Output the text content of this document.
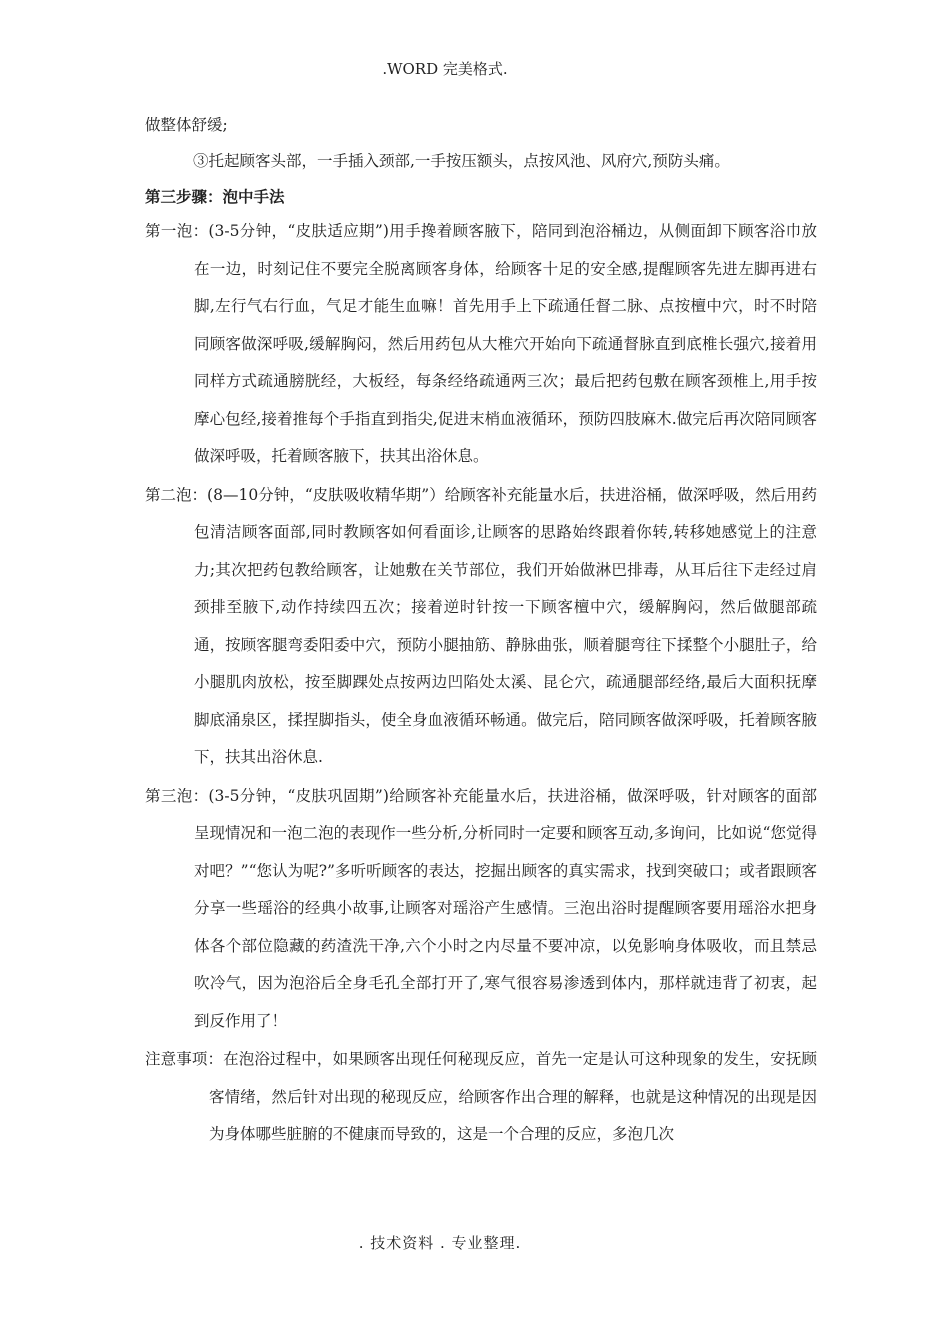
.WORD 完美格式.

做整体舒缓;

③托起顾客头部，一手插入颈部,一手按压额头，点按风池、风府穴,预防头痛。

第三步骤：泡中手法

第一泡：(3-5分钟，“皮肤适应期”)用手搀着顾客腋下，陪同到泡浴桶边，从侧面卸下顾客浴巾放在一边，时刻记住不要完全脱离顾客身体，给顾客十足的安全感,提醒顾客先进左脚再进右脚,左行气右行血，气足才能生血嘛！首先用手上下疏通任督二脉、点按檀中穴，时不时陪同顾客做深呼吸,缓解胸闷，然后用药包从大椎穴开始向下疏通督脉直到底椎长强穴,接着用同样方式疏通膀胱经，大板经，每条经络疏通两三次；最后把药包敷在顾客颈椎上,用手按摩心包经,接着推每个手指直到指尖,促进末梢血液循环，预防四肢麻木.做完后再次陪同顾客做深呼吸，托着顾客腋下，扶其出浴休息。

第二泡：(8—10分钟，“皮肤吸收精华期”）给顾客补充能量水后，扶进浴桶，做深呼吸，然后用药包清洁顾客面部,同时教顾客如何看面诊,让顾客的思路始终跟着你转,转移她感觉上的注意力;其次把药包教给顾客，让她敷在关节部位，我们开始做淋巴排毒，从耳后往下走经过肩颈排至腋下,动作持续四五次；接着逆时针按一下顾客檀中穴，缓解胸闷，然后做腿部疏通，按顾客腿弯委阳委中穴，预防小腿抽筋、静脉曲张，顺着腿弯往下揉整个小腿肚子，给小腿肌肉放松，按至脚踝处点按两边凹陷处太溪、昆仑穴，疏通腿部经络,最后大面积抚摩脚底涌泉区，揉捏脚指头，使全身血液循环畅通。做完后，陪同顾客做深呼吸，托着顾客腋下，扶其出浴休息.

第三泡：(3-5分钟，“皮肤巩固期”)给顾客补充能量水后，扶进浴桶，做深呼吸，针对顾客的面部呈现情况和一泡二泡的表现作一些分析,分析同时一定要和顾客互动,多询问，比如说“您觉得对吧？”“您认为呢?”多听听顾客的表达，挖掘出顾客的真实需求，找到突破口；或者跟顾客分享一些瑶浴的经典小故事,让顾客对瑶浴产生感情。三泡出浴时提醒顾客要用瑶浴水把身体各个部位隐藏的药渣洗干净,六个小时之内尽量不要冲凉，以免影响身体吸收，而且禁忌吹冷气，因为泡浴后全身毛孔全部打开了,寒气很容易渗透到体内，那样就违背了初衷，起到反作用了！

注意事项：在泡浴过程中，如果顾客出现任何秘现反应，首先一定是认可这种现象的发生，安抚顾客情绪，然后针对出现的秘现反应，给顾客作出合理的解释，也就是这种情况的出现是因为身体哪些脏腑的不健康而导致的，这是一个合理的反应，多泡几次

. 技术资料 . 专业整理.
